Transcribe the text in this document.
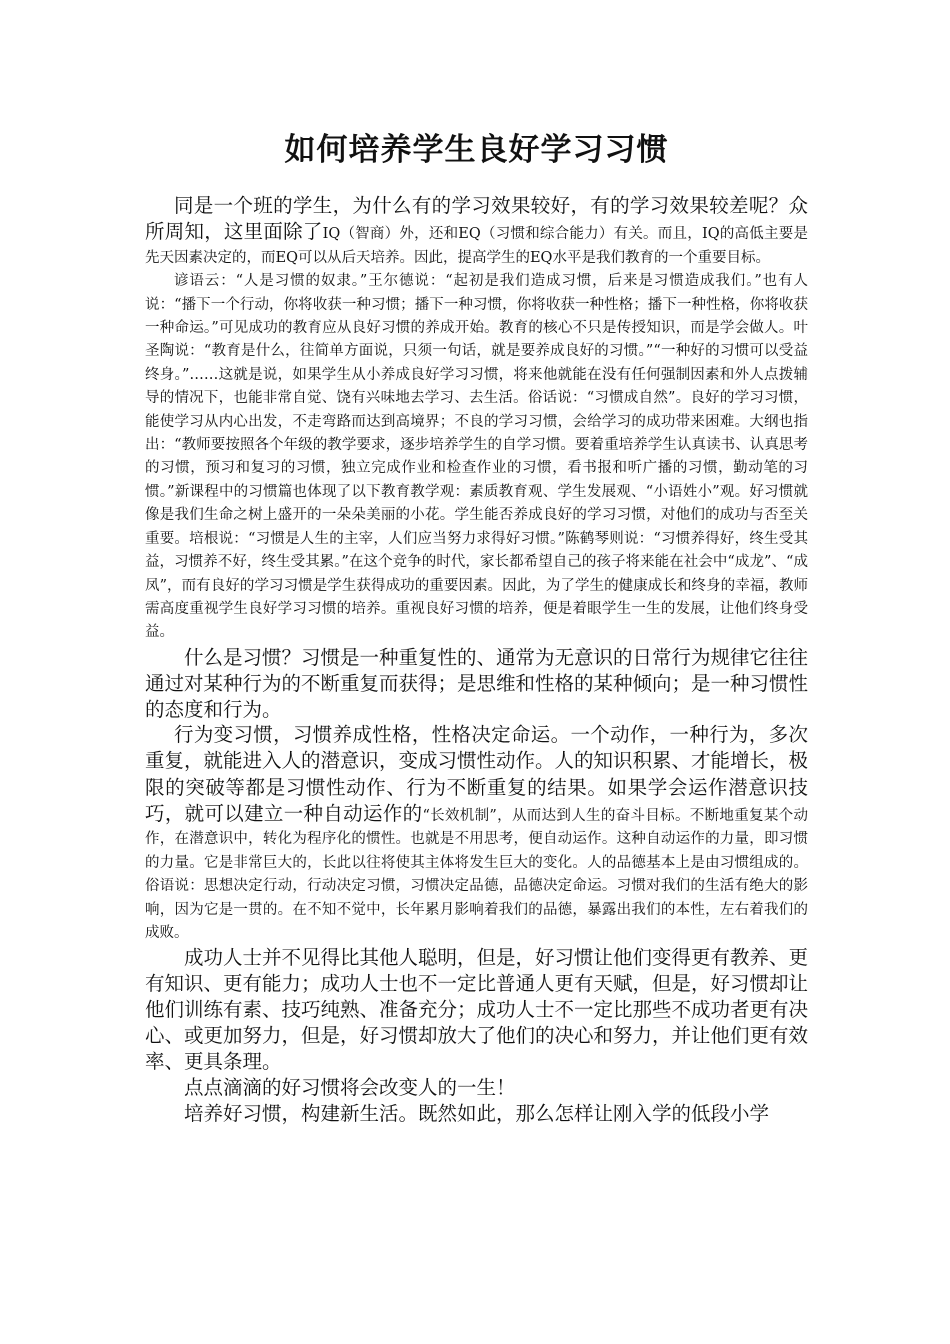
如何培养学生良好学习习惯

同是一个班的学生，为什么有的学习效果较好，有的学习效果较差呢？众所周知，这里面除了IQ（智商）外，还和EQ（习惯和综合能力）有关。而且，IQ的高低主要是先天因素决定的，而EQ可以从后天培养。因此，提高学生的EQ水平是我们教育的一个重要目标。

谚语云：“人是习惯的奴隶。”王尔德说：“起初是我们造成习惯，后来是习惯造成我们。”也有人说：“播下一个行动，你将收获一种习惯；播下一种习惯，你将收获一种性格；播下一种性格，你将收获一种命运。”可见成功的教育应从良好习惯的养成开始。教育的核心不只是传授知识，而是学会做人。叶圣陶说：“教育是什么，往简单方面说，只须一句话，就是要养成良好的习惯。”“一种好的习惯可以受益终身。”……这就是说，如果学生从小养成良好学习习惯，将来他就能在没有任何强制因素和外人点拨辅导的情况下，也能非常自觉、饶有兴味地去学习、去生活。俗话说：“习惯成自然”。良好的学习习惯，能使学习从内心出发，不走弯路而达到高境界；不良的学习习惯，会给学习的成功带来困难。大纲也指出：“教师要按照各个年级的教学要求，逐步培养学生的自学习惯。要着重培养学生认真读书、认真思考的习惯，预习和复习的习惯，独立完成作业和检查作业的习惯，看书报和听广播的习惯，勤动笔的习惯。”新课程中的习惯篇也体现了以下教育教学观：素质教育观、学生发展观、“小语姓小”观。好习惯就像是我们生命之树上盛开的一朵朵美丽的小花。学生能否养成良好的学习习惯，对他们的成功与否至关重要。培根说：“习惯是人生的主宰，人们应当努力求得好习惯。”陈鹤琴则说：“习惯养得好，终生受其益，习惯养不好，终生受其累。”在这个竞争的时代，家长都希望自己的孩子将来能在社会中“成龙”、“成凤”，而有良好的学习习惯是学生获得成功的重要因素。因此，为了学生的健康成长和终身的幸福，教师需高度重视学生良好学习习惯的培养。重视良好习惯的培养，便是着眼学生一生的发展，让他们终身受益。

什么是习惯？习惯是一种重复性的、通常为无意识的日常行为规律它往往通过对某种行为的不断重复而获得；是思维和性格的某种倾向；是一种习惯性的态度和行为。

行为变习惯，习惯养成性格，性格决定命运。一个动作，一种行为，多次重复，就能进入人的潜意识，变成习惯性动作。人的知识积累、才能增长，极限的突破等都是习惯性动作、行为不断重复的结果。如果学会运作潜意识技巧，就可以建立一种自动运作的“长效机制”，从而达到人生的奋斗目标。不断地重复某个动作，在潜意识中，转化为程序化的惯性。也就是不用思考，便自动运作。这种自动运作的力量，即习惯的力量。它是非常巨大的，长此以往将使其主体将发生巨大的变化。人的品德基本上是由习惯组成的。俗语说：思想决定行动，行动决定习惯，习惯决定品德，品德决定命运。习惯对我们的生活有绝大的影响，因为它是一贯的。在不知不觉中，长年累月影响着我们的品德，暴露出我们的本性，左右着我们的成败。

成功人士并不见得比其他人聪明，但是，好习惯让他们变得更有教养、更有知识、更有能力；成功人士也不一定比普通人更有天赋，但是，好习惯却让他们训练有素、技巧纯熟、准备充分；成功人士不一定比那些不成功者更有决心、或更加努力，但是，好习惯却放大了他们的决心和努力，并让他们更有效率、更具条理。

点点滴滴的好习惯将会改变人的一生！

培养好习惯，构建新生活。既然如此，那么怎样让刚入学的低段小学
